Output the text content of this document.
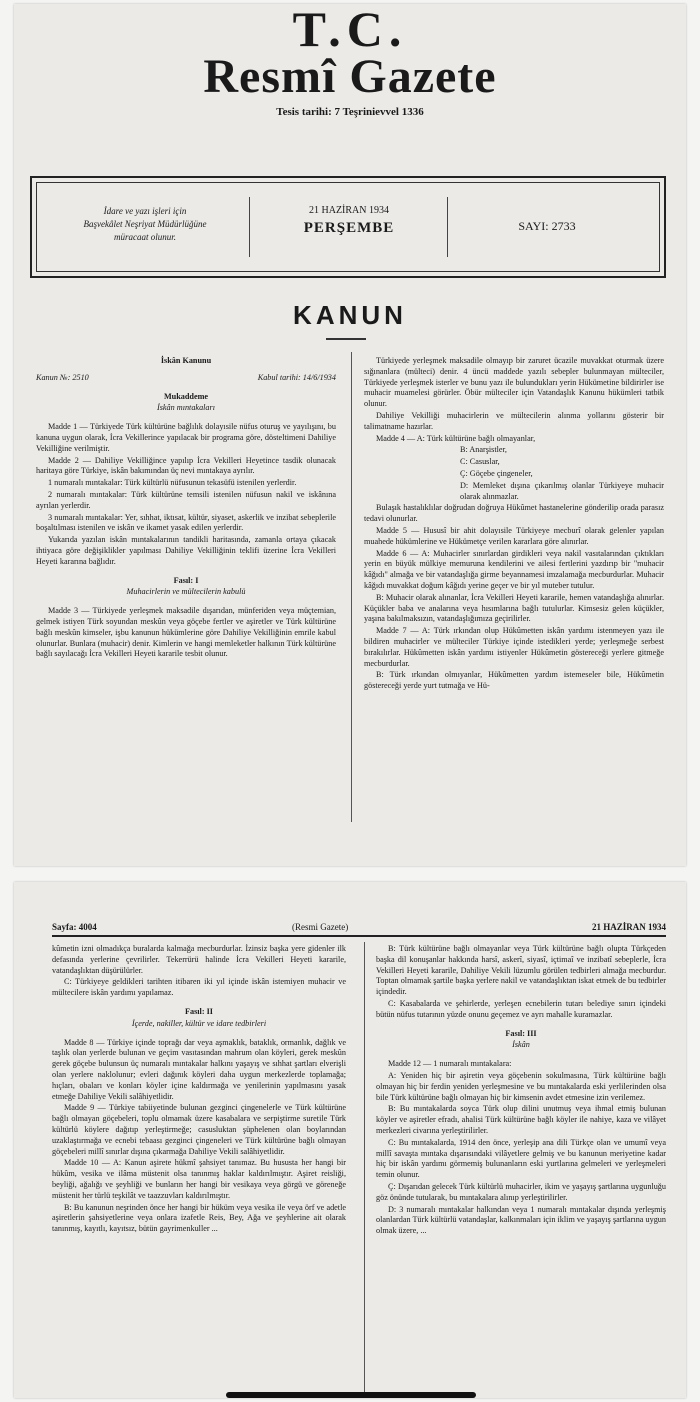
T.C.
Resmî Gazete
Tesis tarihi: 7 Teşrinievvel 1336
İdare ve yazı işleri için
Başvekâlet Neşriyat Müdürlüğüne
müracaat olunur.
21 HAZİRAN 1934
PERŞEMBE	SAYI: 2733
KANUN

İskân Kanunu

Kanun №: 2510	Kabul tarihi: 14/6/1934

Mukaddeme

İskân mıntakaları

Madde 1 — Türkiyede Türk kültürüne bağlılık dolayısile nüfus oturuş ve yayılışını, bu kanuna uygun olarak, İcra Vekillerince yapılacak bir programa göre, dösteltimeni Dahiliye Vekilliğine verilmiştir.

Madde 2 — Dahiliye Vekilliğince yapılıp İcra Vekilleri Heyetince tasdik olunacak haritaya göre Türkiye, iskân bakımından üç nevi mıntakaya ayrılır.

1 numaralı mıntakalar: Türk kültürlü nüfusunun tekasüfü istenilen yerlerdir.

2 numaralı mıntakalar: Türk kültürüne temsili istenilen nüfusun nakil ve iskânına ayrılan yerlerdir.

3 numaralı mıntakalar: Yer, sıhhat, iktısat, kültür, siyaset, askerlik ve inzibat sebeplerile boşaltılması istenilen ve iskân ve ikamet yasak edilen yerlerdir.

Yukarıda yazılan iskân mıntakalarının tandikli haritasında, zamanla ortaya çıkacak ihtiyaca göre değişiklikler yapılması Dahiliye Vekilliğinin teklifi üzerine İcra Vekilleri Heyeti kararına bağlıdır.

Fasıl: I

Muhacirlerin ve mültecilerin kabulü

Madde 3 — Türkiyede yerleşmek maksadile dışarıdan, münferiden veya müçtemian, gelmek istiyen Türk soyundan meskûn veya göçebe fertler ve aşiretler ve Türk kültürüne bağlı meskûn kimseler, işbu kanunun hükümlerine göre Dahiliye Vekilliğinin emrile kabul olunurlar. Bunlara (muhacir) denir. Kimlerin ve hangi memleketler halkının Türk kültürüne bağlı sayılacağı İcra Vekilleri Heyeti kararile tesbit olunur.

Türkiyede yerleşmek maksadile olmayıp bir zaruret ücazile muvakkat oturmak üzere sığınanlara (mülteci) denir. 4 üncü maddede yazılı sebepler bulunmayan mülteciler, Türkiyede yerleşmek isterler ve bunu yazı ile bulundukları yerin Hükümetine bildirirler ise muhacir muamelesi görürler. Öbür mülteciler için Vatandaşlık Kanunu hükümleri tatbik olunur.

Dahiliye Vekilliği muhacirlerin ve mültecilerin alınma yollarını gösterir bir talimatname hazırlar.

Madde 4 — A: Türk kültürüne bağlı olmayanlar,

B: Anarşistler,

C: Casuslar,

Ç: Göçebe çingeneler,

D: Memleket dışına çıkarılmış olanlar Türkiyeye muhacir olarak alınmazlar.

Bulaşık hastalıklılar doğrudan doğruya Hükûmet hastanelerine gönderilip orada parasız tedavi olunurlar.

Madde 5 — Hususî bir ahit dolayısile Türkiyeye mecburî olarak gelenler yapılan muahede hükümlerine ve Hükümetçe verilen kararlara göre alınırlar.

Madde 6 — A: Muhacirler sınırlardan girdikleri veya nakil vasıtalarından çıktıkları yerin en büyük mülkiye memuruna kendilerini ve ailesi fertlerini yazdırıp bir "muhacir kâğıdı" almağa ve bir vatandaşlığa girme beyannamesi imzalamağa mecburdurlar. Muhacir kâğıdı muvakkat doğum kâğıdı yerine geçer ve bir yıl muteber tutulur.

B: Muhacir olarak alınanlar, İcra Vekilleri Heyeti kararile, hemen vatandaşlığa alınırlar. Küçükler baba ve analarına veya hısımlarına bağlı tutulurlar. Kimsesiz gelen küçükler, yaşına bakılmaksızın, vatandaşlığımıza geçirilirler.

Madde 7 — A: Türk ırkından olup Hükûmetten iskân yardımı istenmeyen yazı ile bildiren muhacirler ve mülteciler Türkiye içinde istedikleri yerde; yerleşmeğe serbest bırakılırlar. Hükûmetten iskân yardımı istiyenler Hükûmetin göstereceği yerlere gitmeğe mecburdurlar.

B: Türk ırkından olmıyanlar, Hükûmetten yardım istemeseler bile, Hükûmetin göstereceği yerde yurt tutmağa ve Hü-

Sayfa: 4004	(Resmi Gazete)	21 HAZİRAN 1934

kûmetin izni olmadıkça buralarda kalmağa mecburdurlar. İzinsiz başka yere gidenler ilk defasında yerlerine çevrilirler. Tekerrürü halinde İcra Vekilleri Heyeti kararile, vatandaşlıktan düşürülürler.

C: Türkiyeye geldikleri tarihten itibaren iki yıl içinde iskân istemiyen muhacir ve mültecilere iskân yardımı yapılamaz.

Fasıl: II

İçerde, nakiller, kültür ve idare tedbirleri

Madde 8 — Türkiye içinde toprağı dar veya aşmaklık, bataklık, ormanlık, dağlık ve taşlık olan yerlerde bulunan ve geçim vasıtasından mahrum olan köyleri, gerek meskûn gerek göçebe bulunsun üç numaralı mıntakalar halkını yaşayış ve sıhhat şartları elverişli olan yerlere naklolunur; evleri dağınık köyleri daha uygun merkezlerde toplamağa; hıçları, obaları ve konları köyler içine kaldırmağa ve yenilerinin yapılmasını yasak etmeğe Dahiliye Vekili salâhiyetlidir.

Madde 9 — Türkiye tabiiyetinde bulunan gezginci çingenelerle ve Türk kültürüne bağlı olmayan göçebeleri, toplu olmamak üzere kasabalara ve serpiştirme suretile Türk kültürlü köylere dağıtıp yerleştirmeğe; casusluktan şüphelenen olan boylarından uzaklaştırmağa ve ecnebi tebaası gezginci çingeneleri ve Türk kültürüne bağlı olmayan göçebeleri millî sınırlar dışına çıkarmağa Dahiliye Vekili salâhiyetlidir.

Madde 10 — A: Kanun aşirete hükmî şahsiyet tanımaz. Bu hususta her hangi bir hükûm, vesika ve ilâma müstenit olsa tanınmış haklar kaldırılmıştır. Aşiret reisliği, beyliği, ağalığı ve şeyhliği ve bunların her hangi bir vesikaya veya görgü ve göreneğe müstenit her türlü teşkilât ve taazzuvları kaldırılmıştır.

B: Bu kanunun neşrinden önce her hangi bir hüküm veya vesika ile veya örf ve adetle aşiretlerin şahsiyetlerine veya onlara izafetle Reis, Bey, Ağa ve şeyhlerine ait olarak tanınmış, kayıtlı, kayıtsız, bütün gayrimenkuller ...

B: Türk kültürüne bağlı olmayanlar veya Türk kültürüne bağlı olupta Türkçeden başka dil konuşanlar hakkında harsî, askerî, siyasî, içtimaî ve inzibatî sebeplerle, İcra Vekilleri Heyeti kararile, Dahiliye Vekili lüzumlu görülen tedbirleri almağa mecburdur. Toptan olmamak şartile başka yerlere nakil ve vatandaşlıktan iskat etmek de bu tedbirler içindedir.

C: Kasabalarda ve şehirlerde, yerleşen ecnebilerin tutarı belediye sınırı içindeki bütün nüfus tutarının yüzde onunu geçemez ve ayrı mahalle kuramazlar.

Fasıl: III

İskân

Madde 12 — 1 numaralı mıntakalara:

A: Yeniden hiç bir aşiretin veya göçebenin sokulmasına, Türk kültürüne bağlı olmayan hiç bir ferdin yeniden yerleşmesine ve bu mıntakalarda eski yerlilerinden olsa bile Türk kültürüne bağlı olmayan hiç bir kimsenin avdet etmesine izin verilemez.

B: Bu mıntakalarda soyca Türk olup dilini unutmuş veya ihmal etmiş bulunan köyler ve aşiretler efradı, ahalisi Türk kültürüne bağlı köyler ile nahiye, kaza ve vilâyet merkezleri civarına yerleştirilirler.

C: Bu mıntakalarda, 1914 den önce, yerleşip ana dili Türkçe olan ve umumî veya millî savaşta mıntaka dışarısındaki vilâyetlere gelmiş ve bu kanunun meriyetine kadar hiç bir iskân yardımı görmemiş bulunanların eski yurtlarına gelmeleri ve yerleşmeleri temin olunur.

Ç: Dışarıdan gelecek Türk kültürlü muhacirler, ikim ve yaşayış şartlarına uygunluğu göz önünde tutularak, bu mıntakalara alınıp yerleştirilirler.

D: 3 numaralı mıntakalar halkından veya 1 numaralı mıntakalar dışında yerleşmiş olanlardan Türk kültürlü vatandaşlar, kalkınmaları için iklim ve yaşayış şartlarına uygun olmak üzere, ...
